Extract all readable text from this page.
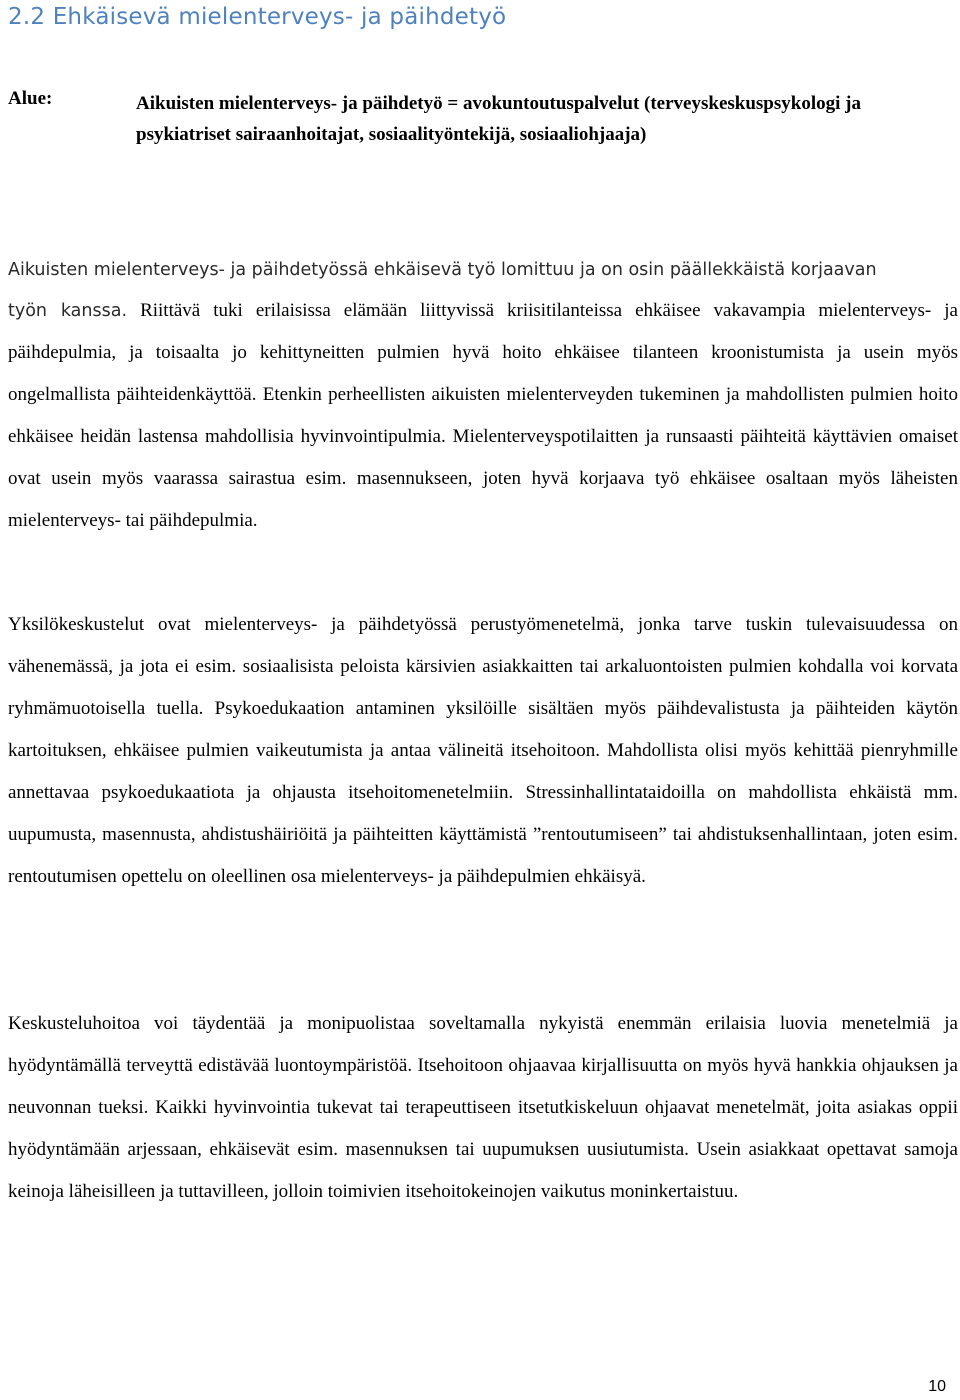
2.2 Ehkäisevä mielenterveys- ja päihdetyö
Alue:	Aikuisten mielenterveys- ja päihdetyö = avokuntoutuspalvelut (terveyskeskuspsykologi ja psykiatriset sairaanhoitajat, sosiaalityöntekijä, sosiaaliohjaaja)
Aikuisten mielenterveys- ja päihdetyössä ehkäisevä työ lomittuu ja on osin päällekkäistä korjaavan
työn kanssa. Riittävä tuki erilaisissa elämään liittyvissä kriisitilanteissa ehkäisee vakavampia mielenterveys- ja päihdepulmia, ja toisaalta jo kehittyneitten pulmien hyvä hoito ehkäisee tilanteen kroonistumista ja usein myös ongelmallista päihteidenkäyttöä. Etenkin perheellisten aikuisten mielenterveyden tukeminen ja mahdollisten pulmien hoito ehkäisee heidän lastensa mahdollisia hyvinvointipulmia. Mielenterveyspotilaitten ja runsaasti päihteitä käyttävien omaiset ovat usein myös vaarassa sairastua esim. masennukseen, joten hyvä korjaava työ ehkäisee osaltaan myös läheisten mielenterveys- tai päihdepulmia.
Yksilökeskustelut ovat mielenterveys- ja päihdetyössä perustyömenetelmä, jonka tarve tuskin tulevaisuudessa on vähenemässä, ja jota ei esim. sosiaalisista peloista kärsivien asiakkaitten tai arkaluontoisten pulmien kohdalla voi korvata ryhmämuotoisella tuella. Psykoedukaation antaminen yksilöille sisältäen myös päihdevalistusta ja päihteiden käytön kartoituksen, ehkäisee pulmien vaikeutumista ja antaa välineitä itsehoitoon. Mahdollista olisi myös kehittää pienryhmille annettavaa psykoedukaatiota ja ohjausta itsehoitomenetelmiin. Stressinhallintataidoilla on mahdollista ehkäistä mm. uupumusta, masennusta, ahdistushäiriöitä ja päihteitten käyttämistä ”rentoutumiseen” tai ahdistuksenhallintaan, joten esim. rentoutumisen opettelu on oleellinen osa mielenterveys- ja päihdepulmien ehkäisyä.
Keskusteluhoitoa voi täydentää ja monipuolistaa soveltamalla nykyistä enemmän erilaisia luovia menetelmiä ja hyödyntämällä terveyttä edistävää luontoympäristöä. Itsehoitoon ohjaavaa kirjallisuutta on myös hyvä hankkia ohjauksen ja neuvonnan tueksi. Kaikki hyvinvointia tukevat tai terapeuttiseen itsetutkiskeluun ohjaavat menetelmät, joita asiakas oppii hyödyntämään arjessaan, ehkäisevät esim. masennuksen tai uupumuksen uusiutumista. Usein asiakkaat opettavat samoja keinoja läheisilleen ja tuttavilleen, jolloin toimivien itsehoitokeinojen vaikutus moninkertaistuu.
10
